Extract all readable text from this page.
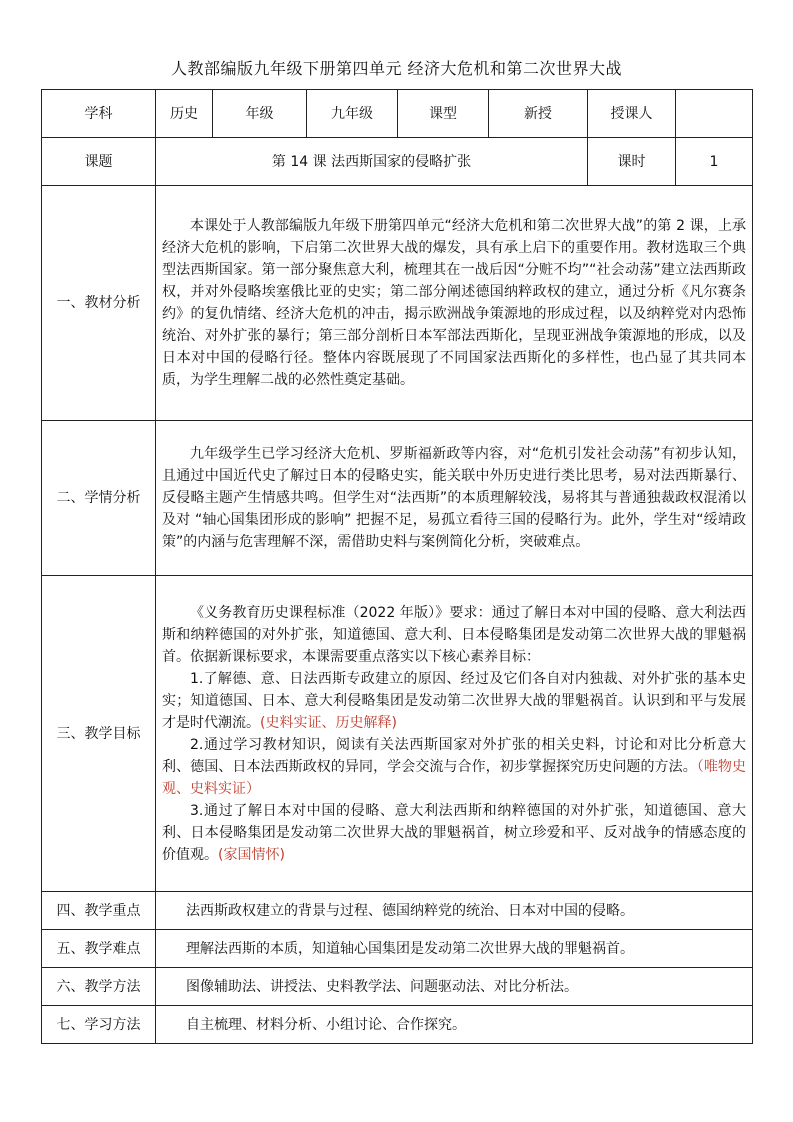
人教部编版九年级下册第四单元 经济大危机和第二次世界大战
学科	历史	年级	九年级	课型	新授	授课人	
课题	第 14 课 法西斯国家的侵略扩张					课时	1
一、教材分析	本课处于人教部编版九年级下册第四单元“经济大危机和第二次世界大战”的第 2 课，上承经济大危机的影响，下启第二次世界大战的爆发，具有承上启下的重要作用。教材选取三个典型法西斯国家。第一部分聚焦意大利，梳理其在一战后因“分赃不均”“社会动荡”建立法西斯政权，并对外侵略埃塞俄比亚的史实；第二部分阐述德国纳粹政权的建立，通过分析《凡尔赛条约》的复仇情绪、经济大危机的冲击，揭示欧洲战争策源地的形成过程，以及纳粹党对内恐怖统治、对外扩张的暴行；第三部分剖析日本军部法西斯化，呈现亚洲战争策源地的形成，以及日本对中国的侵略行径。整体内容既展现了不同国家法西斯化的多样性，也凸显了其共同本质，为学生理解二战的必然性奠定基础。						

二、学情分析	九年级学生已学习经济大危机、罗斯福新政等内容，对“危机引发社会动荡”有初步认知，且通过中国近代史了解过日本的侵略史实，能关联中外历史进行类比思考，易对法西斯暴行、反侵略主题产生情感共鸣。但学生对“法西斯”的本质理解较浅，易将其与普通独裁政权混淆以及对 “轴心国集团形成的影响” 把握不足，易孤立看待三国的侵略行为。此外，学生对“绥靖政策”的内涵与危害理解不深，需借助史料与案例简化分析，突破难点。						

三、教学目标	《义务教育历史课程标准（2022 年版）》要求：通过了解日本对中国的侵略、意大利法西斯和纳粹德国的对外扩张，知道德国、意大利、日本侵略集团是发动第二次世界大战的罪魁祸首。依据新课标要求，本课需要重点落实以下核心素养目标：

1.了解德、意、日法西斯专政建立的原因、经过及它们各自对内独裁、对外扩张的基本史实；知道德国、日本、意大利侵略集团是发动第二次世界大战的罪魁祸首。认识到和平与发展才是时代潮流。(史料实证、历史解释)

2.通过学习教材知识，阅读有关法西斯国家对外扩张的相关史料，讨论和对比分析意大利、德国、日本法西斯政权的异同，学会交流与合作，初步掌握探究历史问题的方法。（唯物史观、史料实证）

3.通过了解日本对中国的侵略、意大利法西斯和纳粹德国的对外扩张，知道德国、意大利、日本侵略集团是发动第二次世界大战的罪魁祸首，树立珍爱和平、反对战争的情感态度的价值观。(家国情怀)						

四、教学重点	法西斯政权建立的背景与过程、德国纳粹党的统治、日本对中国的侵略。						
五、教学难点	理解法西斯的本质，知道轴心国集团是发动第二次世界大战的罪魁祸首。						
六、教学方法	图像辅助法、讲授法、史料教学法、问题驱动法、对比分析法。						
七、学习方法	自主梳理、材料分析、小组讨论、合作探究。						
